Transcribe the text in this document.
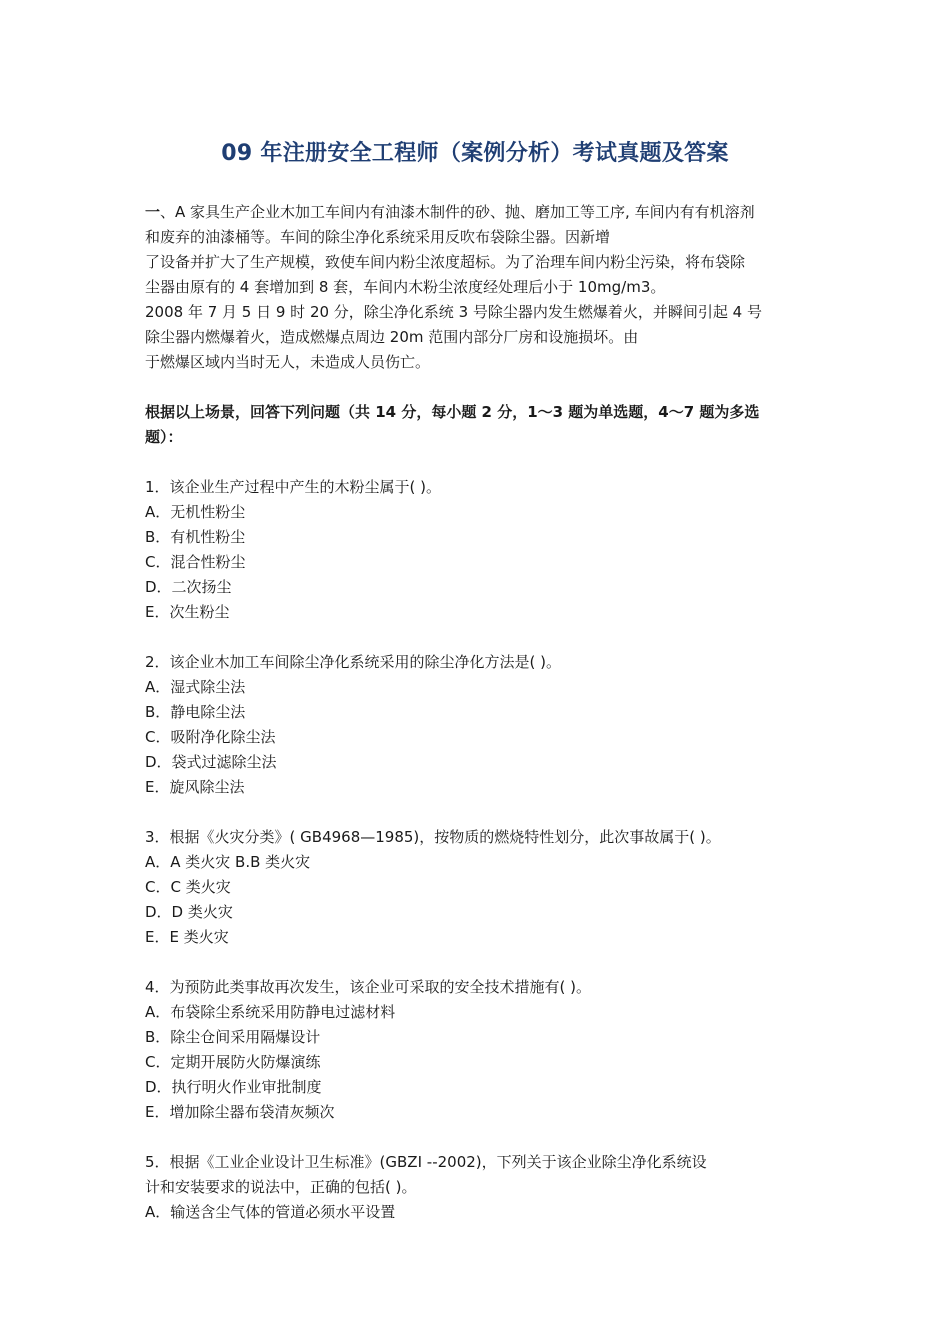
09 年注册安全工程师（案例分析）考试真题及答案
一、A 家具生产企业木加工车间内有油漆木制件的砂、抛、磨加工等工序, 车间内有有机溶剂
和废弃的油漆桶等。车间的除尘净化系统采用反吹布袋除尘器。因新增
了设备并扩大了生产规模，致使车间内粉尘浓度超标。为了治理车间内粉尘污染，将布袋除
尘器由原有的 4 套增加到 8 套，车间内木粉尘浓度经处理后小于 10mg/m3。
2008 年 7 月 5 日 9 时 20 分，除尘净化系统 3 号除尘器内发生燃爆着火，并瞬间引起 4 号
除尘器内燃爆着火，造成燃爆点周边 20m 范围内部分厂房和设施损坏。由
于燃爆区域内当时无人，未造成人员伤亡。
根据以上场景，回答下列问题（共 14 分，每小题 2 分，1～3 题为单选题，4～7 题为多选
题）：
1．该企业生产过程中产生的木粉尘属于( )。
A．无机性粉尘
B．有机性粉尘
C．混合性粉尘
D．二次扬尘
E．次生粉尘
2．该企业木加工车间除尘净化系统采用的除尘净化方法是( )。
A．湿式除尘法
B．静电除尘法
C．吸附净化除尘法
D．袋式过滤除尘法
E．旋风除尘法
3．根据《火灾分类》( GB4968—1985)，按物质的燃烧特性划分，此次事故属于( )。
A．A 类火灾 B.B 类火灾
C．C 类火灾
D．D 类火灾
E．E 类火灾
4．为预防此类事故再次发生，该企业可采取的安全技术措施有( )。
A．布袋除尘系统采用防静电过滤材料
B．除尘仓间采用隔爆设计
C．定期开展防火防爆演练
D．执行明火作业审批制度
E．增加除尘器布袋清灰频次
5．根据《工业企业设计卫生标准》(GBZI --2002)，下列关于该企业除尘净化系统设
计和安装要求的说法中，正确的包括( )。
A．输送含尘气体的管道必须水平设置
